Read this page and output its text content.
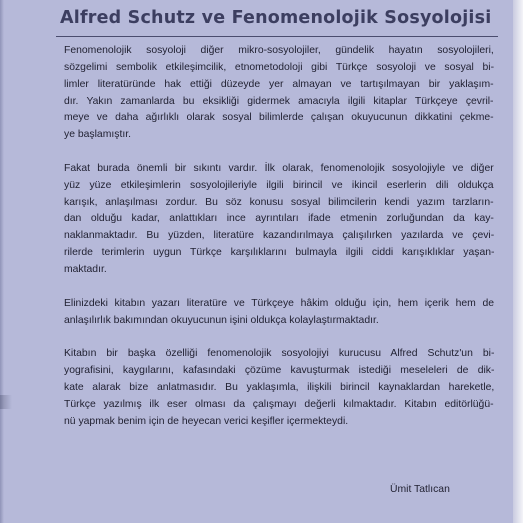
Alfred Schutz ve Fenomenolojik Sosyolojisi
Fenomenolojik sosyoloji diğer mikro-sosyolojiler, gündelik hayatın sosyolojileri,
sözgelimi sembolik etkileşimcilik, etnometodoloji gibi Türkçe sosyoloji ve sosyal bi-
limler literatüründe hak ettiği düzeyde yer almayan ve tartışılmayan bir yaklaşım-
dır. Yakın zamanlarda bu eksikliği gidermek amacıyla ilgili kitaplar Türkçeye çevril-
meye ve daha ağırlıklı olarak sosyal bilimlerde çalışan okuyucunun dikkatini çekme-
ye başlamıştır.
Fakat burada önemli bir sıkıntı vardır. İlk olarak, fenomenolojik sosyolojiyle ve diğer
yüz yüze etkileşimlerin sosyolojileriyle ilgili birincil ve ikincil eserlerin dili oldukça
karışık, anlaşılması zordur. Bu söz konusu sosyal bilimcilerin kendi yazım tarzların-
dan olduğu kadar, anlattıkları ince ayrıntıları ifade etmenin zorluğundan da kay-
naklanmaktadır. Bu yüzden, literatüre kazandırılmaya çalışılırken yazılarda ve çevi-
rilerde terimlerin uygun Türkçe karşılıklarını bulmayla ilgili ciddi karışıklıklar yaşan-
maktadır.
Elinizdeki kitabın yazarı literatüre ve Türkçeye hâkim olduğu için, hem içerik hem de
anlaşılırlık bakımından okuyucunun işini oldukça kolaylaştırmaktadır.
Kitabın bir başka özelliği fenomenolojik sosyolojiyi kurucusu Alfred Schutz'un bi-
yografisini, kaygılarını, kafasındaki çözüme kavuşturmak istediği meseleleri de dik-
kate alarak bize anlatmasıdır. Bu yaklaşımla, ilişkili birincil kaynaklardan hareketle,
Türkçe yazılmış ilk eser olması da çalışmayı değerli kılmaktadır. Kitabın editörlüğü-
nü yapmak benim için de heyecan verici keşifler içermekteydi.
Ümit Tatlıcan
